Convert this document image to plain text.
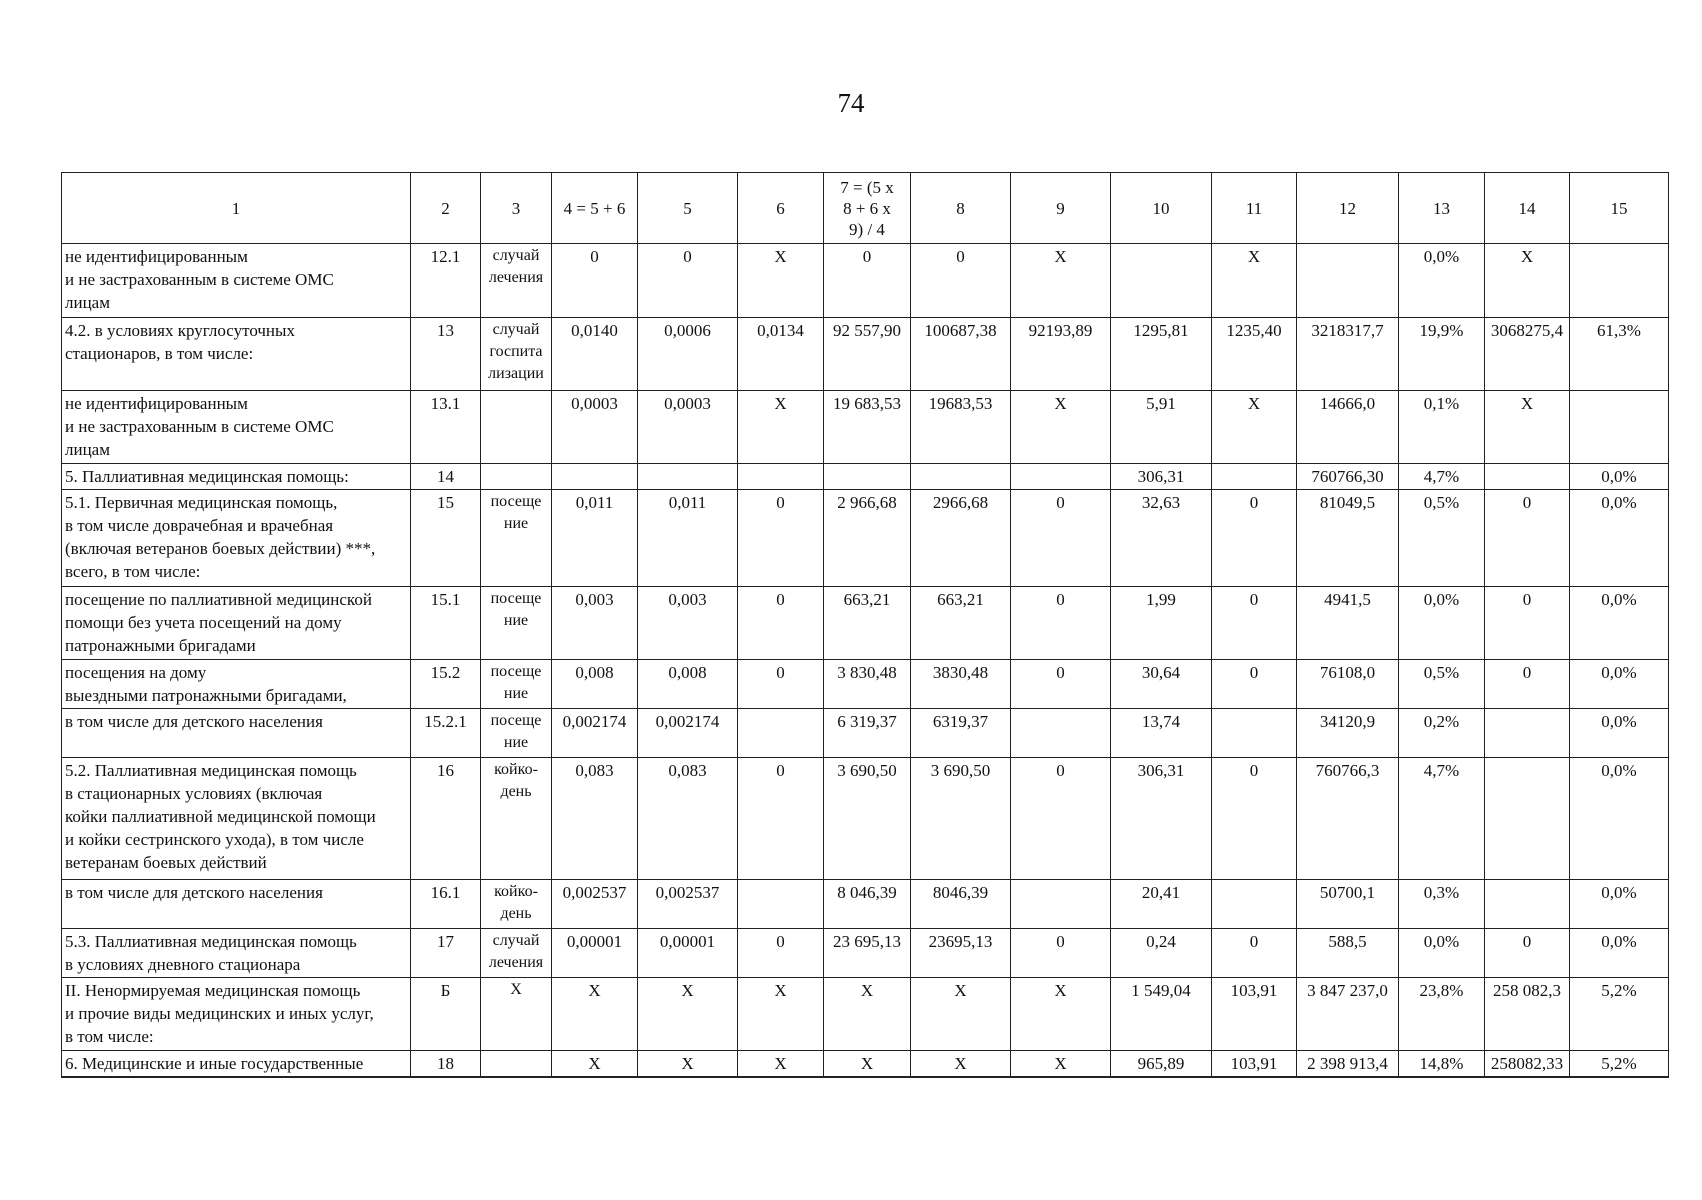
74
1	2	3	4 = 5 + 6	5	6	7 = (5 х
8 + 6 х
9) / 4	8	9	10	11	12	13	14	15
не идентифицированным
и не застрахованным в системе ОМС
лицам	12.1	случай
лечения	0	0	Х	0	0	Х		Х		0,0%	Х	
4.2. в условиях круглосуточных
стационаров, в том числе:	13	случай
госпита
лизации	0,0140	0,0006	0,0134	92 557,90	100687,38	92193,89	1295,81	1235,40	3218317,7	19,9%	3068275,4	61,3%
не идентифицированным
и не застрахованным в системе ОМС
лицам	13.1		0,0003	0,0003	Х	19 683,53	19683,53	Х	5,91	Х	14666,0	0,1%	Х	
5. Паллиативная медицинская помощь:	14								306,31		760766,30	4,7%		0,0%
5.1. Первичная медицинская помощь,
в том числе доврачебная и врачебная
(включая ветеранов боевых действии) ***,
всего, в том числе:	15	посеще
ние	0,011	0,011	0	2 966,68	2966,68	0	32,63	0	81049,5	0,5%	0	0,0%
посещение по паллиативной медицинской
помощи без учета посещений на дому
патронажными бригадами	15.1	посеще
ние	0,003	0,003	0	663,21	663,21	0	1,99	0	4941,5	0,0%	0	0,0%
посещения на дому
выездными патронажными бригадами,	15.2	посеще
ние	0,008	0,008	0	3 830,48	3830,48	0	30,64	0	76108,0	0,5%	0	0,0%
в том числе для детского населения	15.2.1	посеще
ние	0,002174	0,002174		6 319,37	6319,37		13,74		34120,9	0,2%		0,0%
5.2. Паллиативная медицинская помощь
в стационарных условиях (включая
койки паллиативной медицинской помощи
и койки сестринского ухода), в том числе
ветеранам боевых действий	16	койко-
день	0,083	0,083	0	3 690,50	3 690,50	0	306,31	0	760766,3	4,7%		0,0%
в том числе для детского населения	16.1	койко-
день	0,002537	0,002537		8 046,39	8046,39		20,41		50700,1	0,3%		0,0%
5.3. Паллиативная медицинская помощь
в условиях дневного стационара	17	случай
лечения	0,00001	0,00001	0	23 695,13	23695,13	0	0,24	0	588,5	0,0%	0	0,0%
II. Ненормируемая медицинская помощь
и прочие виды медицинских и иных услуг,
в том числе:	Б	Х	Х	Х	Х	Х	Х	Х	1 549,04	103,91	3 847 237,0	23,8%	258 082,3	5,2%
6. Медицинские и иные государственные	18		Х	Х	Х	Х	Х	Х	965,89	103,91	2 398 913,4	14,8%	258082,33	5,2%
